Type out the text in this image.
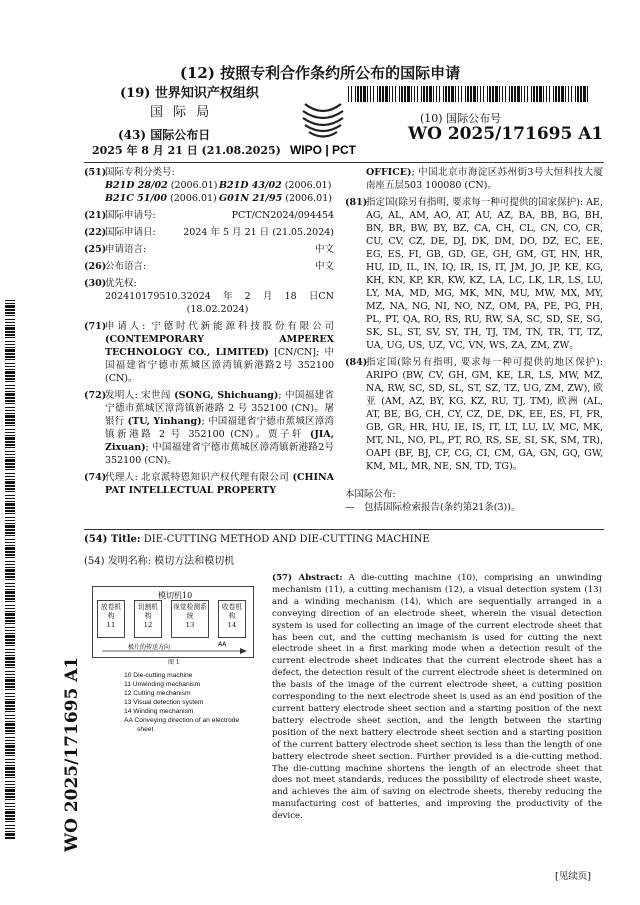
(12) 按照专利合作条约所公布的国际申请
(19) 世界知识产权组织
国 际 局
(43) 国际公布日
2025 年 8 月 21 日 (21.08.2025) WIPO | PCT
(10) 国际公布号
WO 2025/171695 A1
(51)
国际专利分类号:
B21D 28/02 (2006.01) B21D 43/02 (2006.01)
B21C 51/00 (2006.01) G01N 21/95 (2006.01)
(21)
国际申请号:	PCT/CN2024/094454
(22)
国际申请日:	2024 年 5 月 21 日 (21.05.2024)
(25)
申请语言:	中文
(26)
公布语言:	中文
(30)
优先权:
202410179510.3 2024年2月18日 (18.02.2024)
CN
(71)
申请人: 宁德时代新能源科技股份有限公司(CONTEMPORARY AMPEREX TECHNOLOGY CO., LIMITED) [CN/CN]; 中国福建省宁德市蕉城区漳湾镇新港路2号 352100 (CN)。
(72)
发明人: 宋世闯 (SONG, Shichuang); 中国福建省宁德市蕉城区漳湾镇新港路 2 号 352100 (CN)。屠银行 (TU, Yinhang); 中国福建省宁德市蕉城区漳湾镇新港路 2 号 352100 (CN)。贾子轩 (JIA, Zixuan); 中国福建省宁德市蕉城区漳湾镇新港路2号 352100 (CN)。
(74)
代理人: 北京派特恩知识产权代理有限公司 (CHINA PAT INTELLECTUAL PROPERTY
OFFICE); 中国北京市海淀区苏州街3号大恒科技大厦南座五层503 100080 (CN)。
(81)
指定国(除另有指明, 要求每一种可提供的国家保护): AE, AG, AL, AM, AO, AT, AU, AZ, BA, BB, BG, BH, BN, BR, BW, BY, BZ, CA, CH, CL, CN, CO, CR, CU, CV, CZ, DE, DJ, DK, DM, DO, DZ, EC, EE, EG, ES, FI, GB, GD, GE, GH, GM, GT, HN, HR, HU, ID, IL, IN, IQ, IR, IS, IT, JM, JO, JP, KE, KG, KH, KN, KP, KR, KW, KZ, LA, LC, LK, LR, LS, LU, LY, MA, MD, MG, MK, MN, MU, MW, MX, MY, MZ, NA, NG, NI, NO, NZ, OM, PA, PE, PG, PH, PL, PT, QA, RO, RS, RU, RW, SA, SC, SD, SE, SG, SK, SL, ST, SV, SY, TH, TJ, TM, TN, TR, TT, TZ, UA, UG, US, UZ, VC, VN, WS, ZA, ZM, ZW。
(84)
指定国(除另有指明, 要求每一种可提供的地区保护): ARIPO (BW, CV, GH, GM, KE, LR, LS, MW, MZ, NA, RW, SC, SD, SL, ST, SZ, TZ, UG, ZM, ZW), 欧亚 (AM, AZ, BY, KG, KZ, RU, TJ, TM), 欧洲 (AL, AT, BE, BG, CH, CY, CZ, DE, DK, EE, ES, FI, FR, GB, GR, HR, HU, IE, IS, IT, LT, LU, LV, MC, MK, MT, NL, NO, PL, PT, RO, RS, SE, SI, SK, SM, TR), OAPI (BF, BJ, CF, CG, CI, CM, GA, GN, GQ, GW, KM, ML, MR, NE, SN, TD, TG)。
本国际公布:
—　包括国际检索报告(条约第21条(3))。
(54) Title: DIE-CUTTING METHOD AND DIE-CUTTING MACHINE
(54) 发明名称: 模切方法和模切机
模切机10
放卷机构
11
切割机构
12
视觉检测系统
13
收卷机构
14
极片的传送方向	AA
图 1
10 Die-cutting machine
11 Unwinding mechanism
12 Cutting mechanism
13 Visual detection system
14 Winding mechanism
AA Conveying direction of an electrode
sheet
(57) Abstract: A die-cutting machine (10), comprising an unwinding mechanism (11), a cutting mechanism (12), a visual detection system (13) and a winding mechanism (14), which are sequentially arranged in a conveying direction of an electrode sheet, wherein the visual detection system is used for collecting an image of the current electrode sheet that has been cut, and the cutting mechanism is used for cutting the next electrode sheet in a first marking mode when a detection result of the current electrode sheet indicates that the current electrode sheet has a defect, the detection result of the current electrode sheet is determined on the basis of the image of the current electrode sheet, a cutting position corresponding to the next electrode sheet is used as an end position of the current battery electrode sheet section and a starting position of the next battery electrode sheet section, and the length between the starting position of the next battery electrode sheet section and a starting position of the current battery electrode sheet section is less than the length of one battery electrode sheet section. Further provided is a die-cutting method. The die-cutting machine shortens the length of an electrode sheet that does not meet standards, reduces the possibility of electrode sheet waste, and achieves the aim of saving on electrode sheets, thereby reducing the manufacturing cost of batteries, and improving the productivity of the device.
WO 2025/171695 A1
[见续页]
